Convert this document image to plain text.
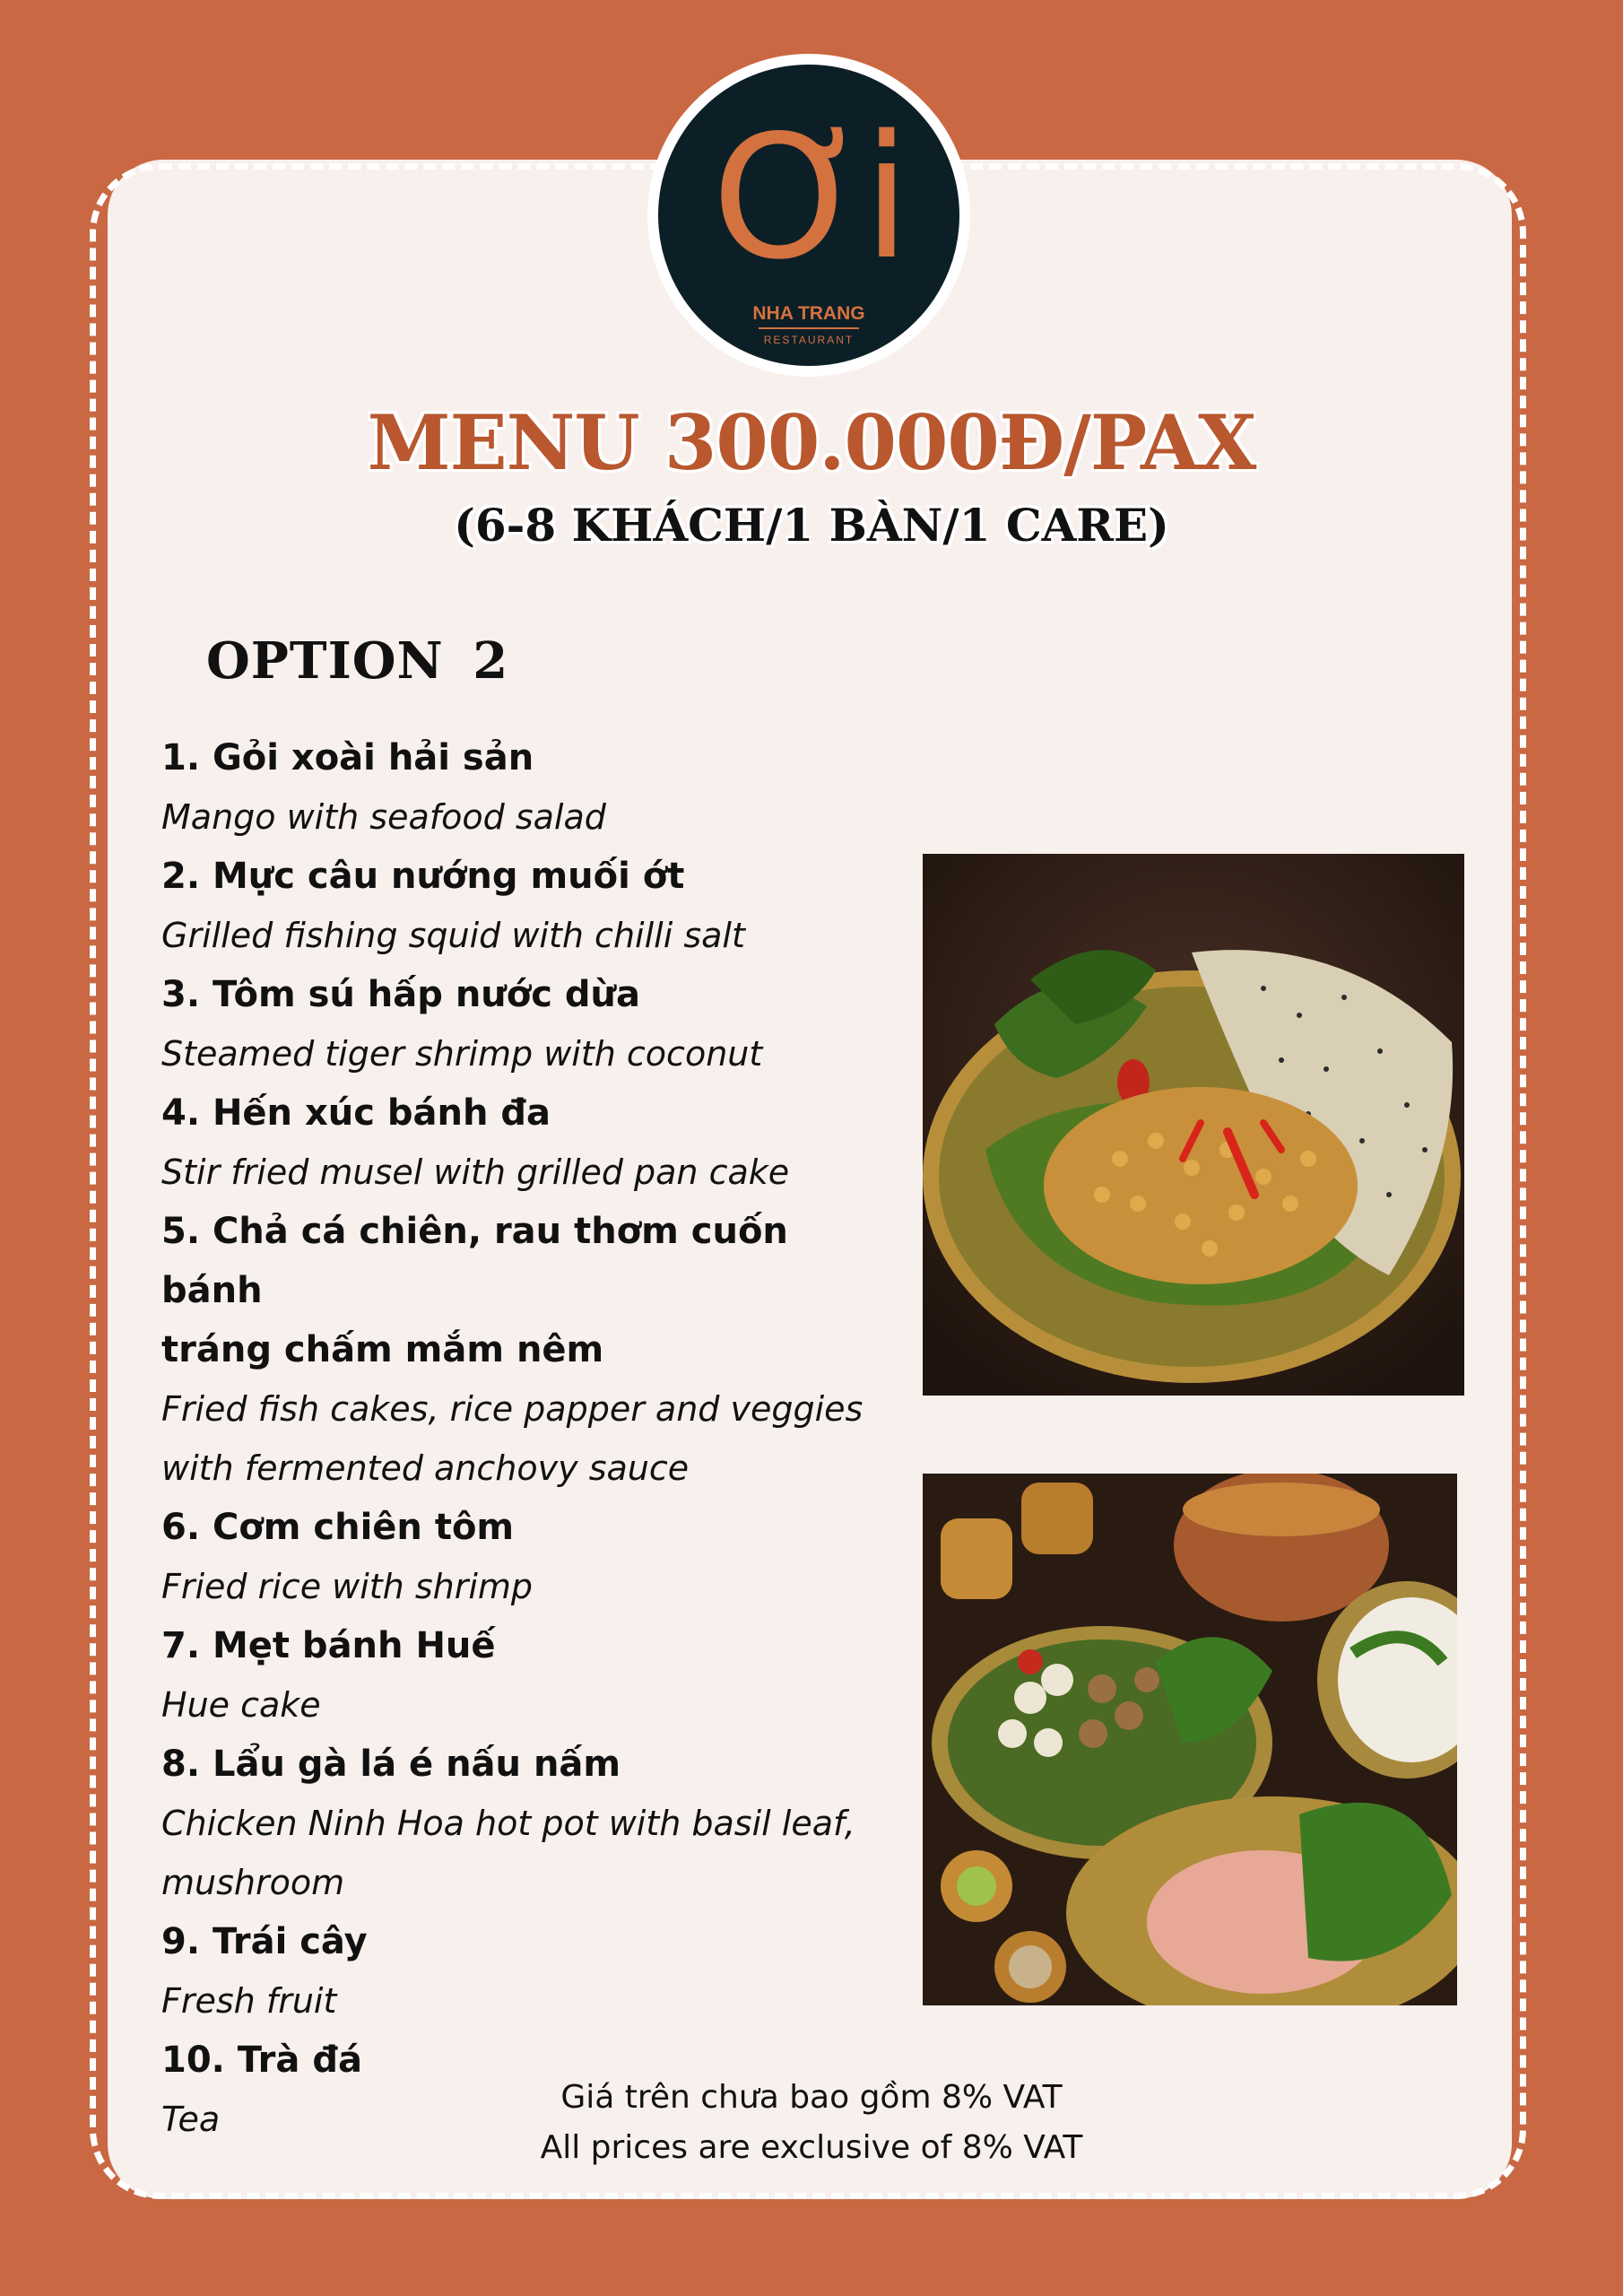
Ơi
NHA TRANG
RESTAURANT
MENU 300.000Đ/PAX
(6-8 KHÁCH/1 BÀN/1 CARE)
OPTION 2
1. Gỏi xoài hải sản
Mango with seafood salad
2. Mực câu nướng muối ớt
Grilled fishing squid with chilli salt
3. Tôm sú hấp nước dừa
Steamed tiger shrimp with coconut
4. Hến xúc bánh đa
Stir fried musel with grilled pan cake
5. Chả cá chiên, rau thơm cuốn bánh
tráng chấm mắm nêm
Fried fish cakes, rice papper and veggies
with fermented anchovy sauce
6. Cơm chiên tôm
Fried rice with shrimp
7. Mẹt bánh Huế
Hue cake
8. Lẩu gà lá é nấu nấm
Chicken Ninh Hoa hot pot with basil leaf,
mushroom
9. Trái cây
Fresh fruit
10. Trà đá
Tea
Giá trên chưa bao gồm 8% VAT
All prices are exclusive of 8% VAT
